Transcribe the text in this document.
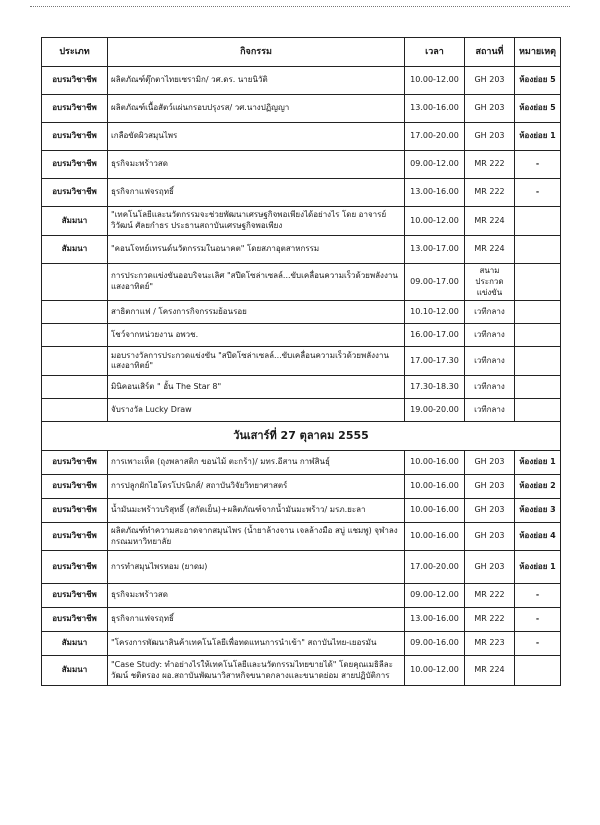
ประเภท	กิจกรรม	เวลา	สถานที่	หมายเหตุ
อบรมวิชาชีพ	ผลิตภัณฑ์ตุ๊กตาไทยเซรามิก/ วศ.ดร. นายนิวัติ	10.00-12.00	GH 203	ห้องย่อย 5
อบรมวิชาชีพ	ผลิตภัณฑ์เนื้อสัตว์แผ่นกรอบปรุงรส/ วศ.นางปฏิญญา	13.00-16.00	GH 203	ห้องย่อย 5
อบรมวิชาชีพ	เกลือขัดผิวสมุนไพร	17.00-20.00	GH 203	ห้องย่อย 1
อบรมวิชาชีพ	ธุรกิจมะพร้าวสด	09.00-12.00	MR 222	-
อบรมวิชาชีพ	ธุรกิจกาแฟจรฤทธิ์	13.00-16.00	MR 222	-
สัมมนา	"เทคโนโลยีและนวัตกรรมจะช่วยพัฒนาเศรษฐกิจพอเพียงได้อย่างไร โดย อาจารย์วิวัฒน์ ศัลยกำธร ประธานสถาบันเศรษฐกิจพอเพียง	10.00-12.00	MR 224	
สัมมนา	"คอนโจทย์เทรนด์นวัตกรรมในอนาคต" โดยสภาอุตสาหกรรม	13.00-17.00	MR 224	
	การประกวดแข่งขันออบริจนะเลิศ "สปีดโซล่าเซลล์...ขับเคลื่อนความเร็วด้วยพลังงานแสงอาทิตย์"	09.00-17.00	สนามประกวดแข่งขัน	
	สาธิตกาแฟ / โครงการกิจกรรมย้อนรอย	10.10-12.00	เวทีกลาง	
	โชว์จากหน่วยงาน อพวช.	16.00-17.00	เวทีกลาง	
	มอบรางวัลการประกวดแข่งขัน "สปีดโซล่าเซลล์...ขับเคลื่อนความเร็วด้วยพลังงานแสงอาทิตย์"	17.00-17.30	เวทีกลาง	
	มินิคอนเสิร์ต " อั้น The Star 8"	17.30-18.30	เวทีกลาง	
	จับรางวัล Lucky Draw	19.00-20.00	เวทีกลาง	
วันเสาร์ที่ 27 ตุลาคม 2555				
อบรมวิชาชีพ	การเพาะเห็ด (ถุงพลาสติก ขอนไม้ ตะกร้า)/ มทร.อีสาน กาฬสินธุ์	10.00-16.00	GH 203	ห้องย่อย 1
อบรมวิชาชีพ	การปลูกผักไฮโดรโปรนิกส์/ สถาบันวิจัยวิทยาศาสตร์	10.00-16.00	GH 203	ห้องย่อย 2
อบรมวิชาชีพ	น้ำมันมะพร้าวบริสุทธิ์ (สกัดเย็น)+ผลิตภัณฑ์จากน้ำมันมะพร้าว/ มรภ.ยะลา	10.00-16.00	GH 203	ห้องย่อย 3
อบรมวิชาชีพ	ผลิตภัณฑ์ทำความสะอาดจากสมุนไพร (น้ำยาล้างจาน เจลล้างมือ สบู่ แชมพู) จุฬาลงกรณมหาวิทยาลัย	10.00-16.00	GH 203	ห้องย่อย 4
อบรมวิชาชีพ	การทำสมุนไพรหอม (ยาดม)	17.00-20.00	GH 203	ห้องย่อย 1
อบรมวิชาชีพ	ธุรกิจมะพร้าวสด	09.00-12.00	MR 222	-
อบรมวิชาชีพ	ธุรกิจกาแฟจรฤทธิ์	13.00-16.00	MR 222	-
สัมมนา	"โครงการพัฒนาสินค้าเทคโนโลยีเพื่อทดแทนการนำเข้า" สถาบันไทย-เยอรมัน	09.00-16.00	MR 223	-
สัมมนา	"Case Study: ทำอย่างไรให้เทคโนโลยีและนวัตกรรมไทยขายได้" โดยคุณเมธิลีละวัฒน์ ชติตรอง ผอ.สถาบันพัฒนาวิสาหกิจขนาดกลางและขนาดย่อม สายปฏิบัติการ	10.00-12.00	MR 224	
